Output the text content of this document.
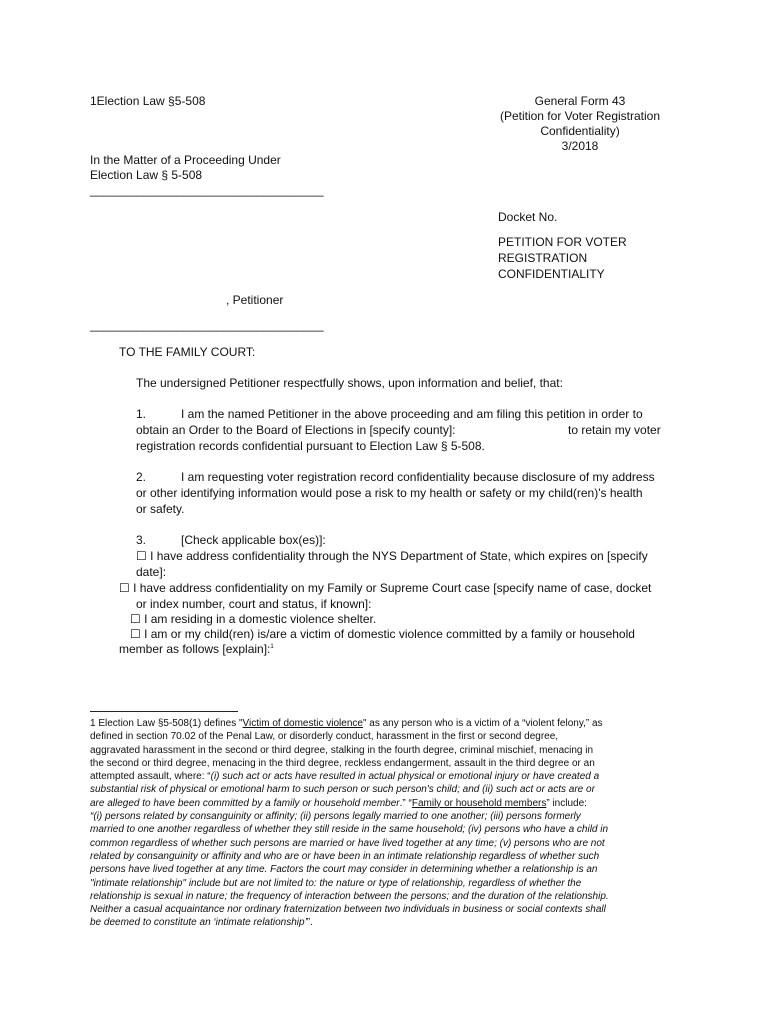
1Election Law §5-508	General Form 43
(Petition for Voter Registration
Confidentiality)
3/2018
In the Matter of a Proceeding Under
Election Law § 5-508
___________________________________
Docket No.
PETITION FOR VOTER
REGISTRATION
CONFIDENTIALITY
, Petitioner
___________________________________
TO THE FAMILY COURT:
The undersigned Petitioner respectfully shows, upon information and belief, that:
1.	I am the named Petitioner in the above proceeding and am filing this petition in order to
obtain an Order to the Board of Elections in [specify county]:	to retain my voter
registration records confidential pursuant to Election Law § 5-508.
2.	I am requesting voter registration record confidentiality because disclosure of my address
or other identifying information would pose a risk to my health or safety or my child(ren)'s health
or safety.
3.	[Check applicable box(es)]:
☐ I have address confidentiality through the NYS Department of State, which expires on [specify
date]:
☐ I have address confidentiality on my Family or Supreme Court case [specify name of case, docket
or index number, court and status, if known]:
☐ I am residing in a domestic violence shelter.
☐ I am or my child(ren) is/are a victim of domestic violence committed by a family or household
member as follows [explain]:$^1$
1 Election Law §5-508(1) defines "Victim of domestic violence" as any person who is a victim of a “violent felony,” as
defined in section 70.02 of the Penal Law, or disorderly conduct, harassment in the first or second degree,
aggravated harassment in the second or third degree, stalking in the fourth degree, criminal mischief, menacing in
the second or third degree, menacing in the third degree, reckless endangerment, assault in the third degree or an
attempted assault, where: “(i) such act or acts have resulted in actual physical or emotional injury or have created a
substantial risk of physical or emotional harm to such person or such person's child; and (ii) such act or acts are or
are alleged to have been committed by a family or household member.” “Family or household members” include:
“(i) persons related by consanguinity or affinity; (ii) persons legally married to one another; (iii) persons formerly
married to one another regardless of whether they still reside in the same household; (iv) persons who have a child in
common regardless of whether such persons are married or have lived together at any time; (v) persons who are not
related by consanguinity or affinity and who are or have been in an intimate relationship regardless of whether such
persons have lived together at any time. Factors the court may consider in determining whether a relationship is an
"intimate relationship" include but are not limited to: the nature or type of relationship, regardless of whether the
relationship is sexual in nature; the frequency of interaction between the persons; and the duration of the relationship.
Neither a casual acquaintance nor ordinary fraternization between two individuals in business or social contexts shall
be deemed to constitute an ‘intimate relationship’”.
